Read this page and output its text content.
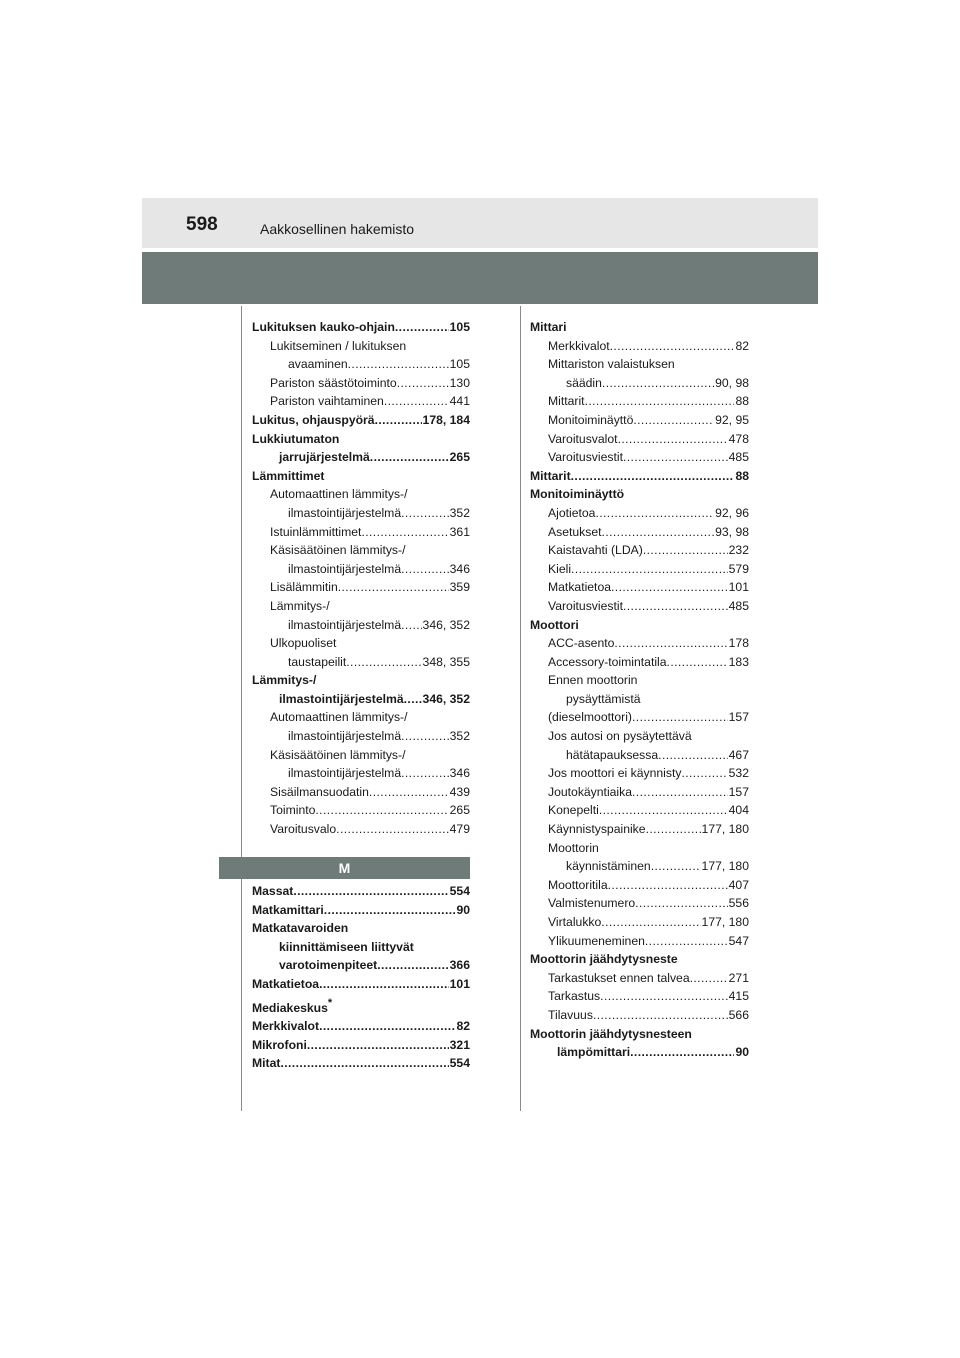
598	Aakkosellinen hakemisto
Lukituksen kauko-ohjain .....	105
Lukitseminen / lukituksen
avaaminen .....	105
Pariston säästötoiminto .....	130
Pariston vaihtaminen .....	441
Lukitus, ohjauspyörä .....	178, 184
Lukkiutumaton
jarrujärjestelmä .....	265
Lämmittimet
Automaattinen lämmitys-/
ilmastointijärjestelmä .....	352
Istuinlämmittimet .....	361
Käsisäätöinen lämmitys-/
ilmastointijärjestelmä .....	346
Lisälämmitin .....	359
Lämmitys-/
ilmastointijärjestelmä ..... 346, 352
Ulkopuoliset
taustapeilit .....	348, 355
Lämmitys-/
ilmastointijärjestelmä ..... 346, 352
Automaattinen lämmitys-/
ilmastointijärjestelmä .....	352
Käsisäätöinen lämmitys-/
ilmastointijärjestelmä .....	346
Sisäilmansuodatin .....	439
Toiminto .....	265
Varoitusvalo .....	479
M
Massat .....	554
Matkamittari .....	90
Matkatavaroiden
kiinnittämiseen liittyvät
varotoimenpiteet .....	366
Matkatietoa .....	101
Mediakeskus*
Merkkivalot .....	82
Mikrofoni .....	321
Mitat .....	554
Mittari
Merkkivalot .....	82
Mittariston valaistuksen
säädin .....	90, 98
Mittarit .....	88
Monitoiminäyttö .....	92, 95
Varoitusvalot .....	478
Varoitusviestit .....	485
Mittarit .....	88
Monitoiminäyttö
Ajotietoa .....	92, 96
Asetukset .....	93, 98
Kaistavahti (LDA) .....	232
Kieli .....	579
Matkatietoa .....	101
Varoitusviestit .....	485
Moottori
ACC-asento .....	178
Accessory-toimintatila .....	183
Ennen moottorin
pysäyttämistä
(dieselmoottori) .....	157
Jos autosi on pysäytettävä
hätätapauksessa .....	467
Jos moottori ei käynnisty .....	532
Joutokäyntiaika .....	157
Konepelti .....	404
Käynnistyspainike .....	177, 180
Moottorin
käynnistäminen .....	177, 180
Moottoritila .....	407
Valmistenumero .....	556
Virtalukko .....	177, 180
Ylikuumeneminen .....	547
Moottorin jäähdytysneste
Tarkastukset ennen talvea .....	271
Tarkastus .....	415
Tilavuus .....	566
Moottorin jäähdytysnesteen
lämpömittari .....	90
